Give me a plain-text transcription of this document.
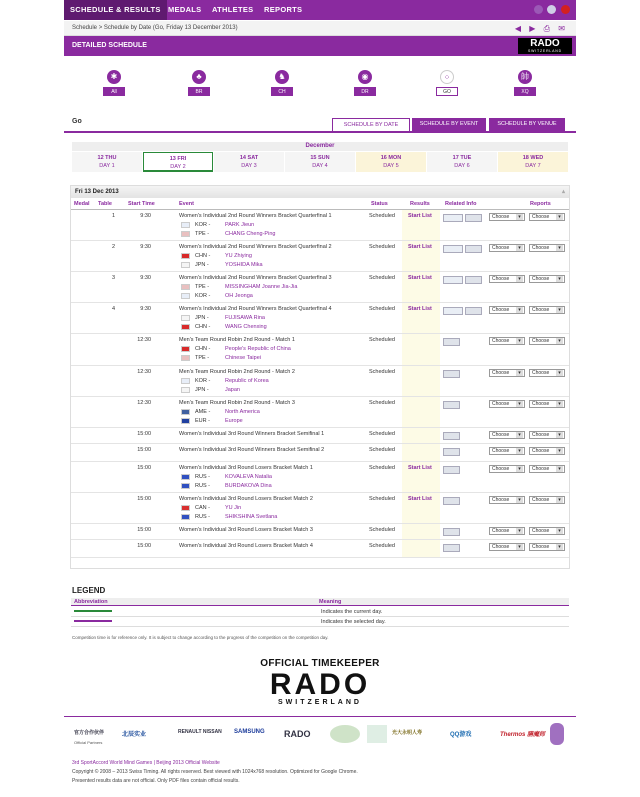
SCHEDULE & RESULTS MEDALS ATHLETES REPORTS

Schedule > Schedule by Date (Go, Friday 13 December 2013)	◀ ▶ ⎙ ✉
DETAILED SCHEDULE	RADO
SWITZERLAND
✱
All
♣
BR
♞
CH
◉
DR
⁘
GO
帥
XQ
Go	SCHEDULE BY DATE	SCHEDULE BY EVENT	SCHEDULE BY VENUE
December
12 THU
DAY 1
13 FRI
DAY 2
14 SAT
DAY 3
15 SUN
DAY 4
16 MON
DAY 5
17 TUE
DAY 6
18 WED
DAY 7
Fri 13 Dec 2013	▴
Medal Table	Start Time	Event	Status	Results	Related Info	Reports
1	9:30	Women's Individual 2nd Round Winners Bracket Quarterfinal 1	Scheduled Start List	Choose ▾	Choose ▾
KOR -	PARK Jieun
TPE -	CHANG Cheng-Ping
2	9:30	Women's Individual 2nd Round Winners Bracket Quarterfinal 2	Scheduled Start List	Choose ▾	Choose ▾
CHN -	YU Zhiying
JPN -	YOSHIDA Mika
3	9:30	Women's Individual 2nd Round Winners Bracket Quarterfinal 3	Scheduled Start List	Choose ▾	Choose ▾
TPE -	MISSINGHAM Joanne Jia-Jia
KOR -	OH Jeonga
4	9:30	Women's Individual 2nd Round Winners Bracket Quarterfinal 4	Scheduled Start List	Choose ▾	Choose ▾
JPN -	FUJISAWA Rina
CHN -	WANG Chenxing
12:30	Men's Team Round Robin 2nd Round - Match 1	Scheduled	Choose ▾	Choose ▾
CHN -	People's Republic of China
TPE -	Chinese Taipei
12:30	Men's Team Round Robin 2nd Round - Match 2	Scheduled	Choose ▾	Choose ▾
KOR -	Republic of Korea
JPN -	Japan
12:30	Men's Team Round Robin 2nd Round - Match 3	Scheduled	Choose ▾	Choose ▾
AME -	North America
EUR -	Europe
15:00	Women's Individual 3rd Round Winners Bracket Semifinal 1	Scheduled	Choose ▾	Choose ▾
15:00	Women's Individual 3rd Round Winners Bracket Semifinal 2	Scheduled	Choose ▾	Choose ▾
15:00	Women's Individual 3rd Round Losers Bracket Match 1	Scheduled Start List	Choose ▾	Choose ▾
RUS -	KOVALEVA Natalia
RUS -	BURDAKOVA Dina
15:00	Women's Individual 3rd Round Losers Bracket Match 2	Scheduled Start List	Choose ▾	Choose ▾
CAN -	YU Jin
RUS -	SHIKSHINA Svetlana
15:00	Women's Individual 3rd Round Losers Bracket Match 3	Scheduled	Choose ▾	Choose ▾
15:00	Women's Individual 3rd Round Losers Bracket Match 4	Scheduled	Choose ▾	Choose ▾
LEGEND
Abbreviation	Meaning
Indicates the current day.
Indicates the selected day.
Competition time is for reference only. It is subject to change according to the progress of the competition on the competition day.
OFFICIAL TIMEKEEPER
RADO
SWITZERLAND
官方合作伙伴
Official Partners
北辰实业	RENAULT NISSAN SAMSUNG RADO	光大永明人寿	QQ游戏	Thermos 膳魔师
3rd SportAccord World Mind Games | Beijing 2013 Official Website
Copyright © 2008 – 2013 Swiss Timing. All rights reserved. Best viewed with 1024x768 resolution. Optimized for Google Chrome.
Presented results data are not official. Only PDF files contain official results.
